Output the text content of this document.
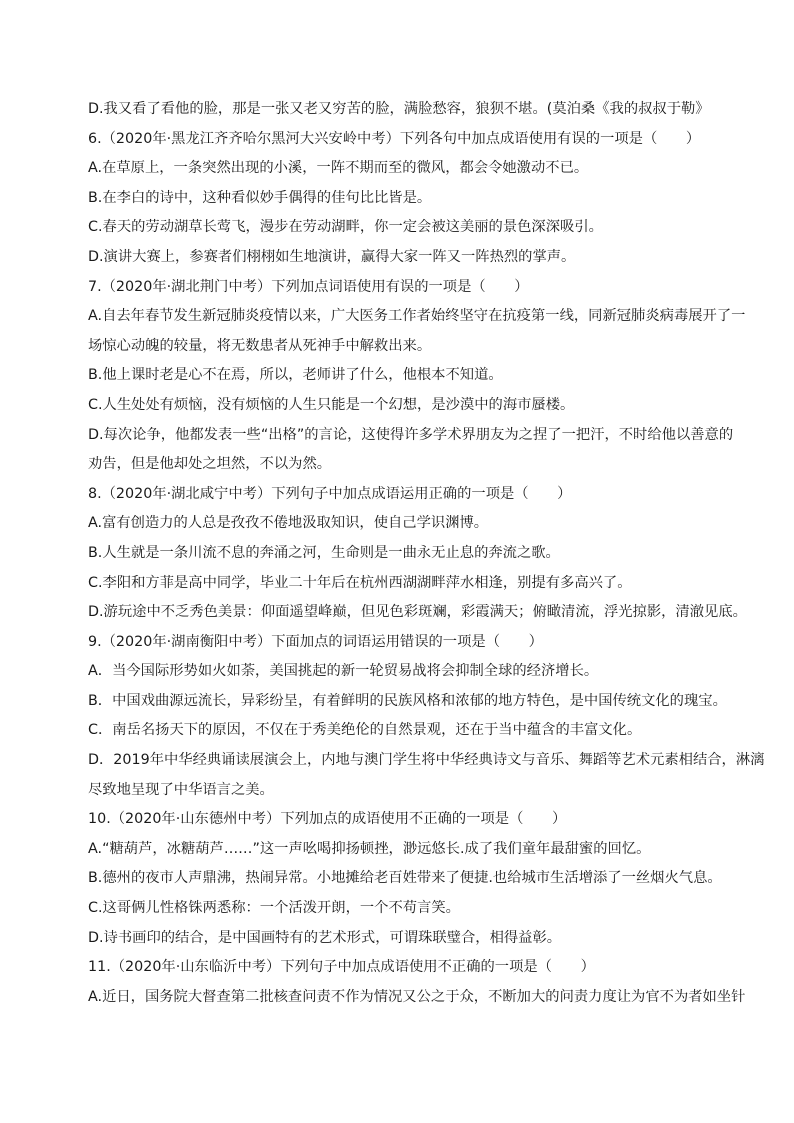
D.我又看了看他的脸，那是一张又老又穷苦的脸，满脸愁容，狼狈不堪。(莫泊桑《我的叔叔于勒》
6.（2020年·黑龙江齐齐哈尔黑河大兴安岭中考）下列各句中加点成语使用有误的一项是（　　）
A.在草原上，一条突然出现的小溪，一阵不期而至的微风，都会令她激动不已。
B.在李白的诗中，这种看似妙手偶得的佳句比比皆是。
C.春天的劳动湖草长莺飞，漫步在劳动湖畔，你一定会被这美丽的景色深深吸引。
D.演讲大赛上，参赛者们栩栩如生地演讲，赢得大家一阵又一阵热烈的掌声。
7.（2020年·湖北荆门中考）下列加点词语使用有误的一项是（　　）
A.自去年春节发生新冠肺炎疫情以来，广大医务工作者始终坚守在抗疫第一线，同新冠肺炎病毒展开了一
场惊心动魄的较量，将无数患者从死神手中解救出来。
B.他上课时老是心不在焉，所以，老师讲了什么，他根本不知道。
C.人生处处有烦恼，没有烦恼的人生只能是一个幻想，是沙漠中的海市蜃楼。
D.每次论争，他都发表一些“出格”的言论，这使得许多学术界朋友为之捏了一把汗，不时给他以善意的
劝告，但是他却处之坦然，不以为然。
8.（2020年·湖北咸宁中考）下列句子中加点成语运用正确的一项是（　　）
A.富有创造力的人总是孜孜不倦地汲取知识，使自己学识渊博。
B.人生就是一条川流不息的奔涌之河，生命则是一曲永无止息的奔流之歌。
C.李阳和方菲是高中同学，毕业二十年后在杭州西湖湖畔萍水相逢，别提有多高兴了。
D.游玩途中不乏秀色美景：仰面遥望峰巅，但见色彩斑斓，彩霞满天；俯瞰清流，浮光掠影，清澈见底。
9.（2020年·湖南衡阳中考）下面加点的词语运用错误的一项是（　　）
A．当今国际形势如火如荼，美国挑起的新一轮贸易战将会抑制全球的经济增长。
B．中国戏曲源远流长，异彩纷呈，有着鲜明的民族风格和浓郁的地方特色，是中国传统文化的瑰宝。
C．南岳名扬天下的原因，不仅在于秀美绝伦的自然景观，还在于当中蕴含的丰富文化。
D．2019年中华经典诵读展演会上，内地与澳门学生将中华经典诗文与音乐、舞蹈等艺术元素相结合，淋漓
尽致地呈现了中华语言之美。
10.（2020年·山东德州中考）下列加点的成语使用不正确的一项是（　　）
A.“糖葫芦，冰糖葫芦……”这一声吆喝抑扬顿挫，渺远悠长.成了我们童年最甜蜜的回忆。
B.德州的夜市人声鼎沸，热闹异常。小地摊给老百姓带来了便捷.也给城市生活增添了一丝烟火气息。
C.这哥俩儿性格铢两悉称：一个活泼开朗，一个不苟言笑。
D.诗书画印的结合，是中国画特有的艺术形式，可谓珠联璧合，相得益彰。
11.（2020年·山东临沂中考）下列句子中加点成语使用不正确的一项是（　　）
A.近日，国务院大督查第二批核查问责不作为情况又公之于众，不断加大的问责力度让为官不为者如坐针
